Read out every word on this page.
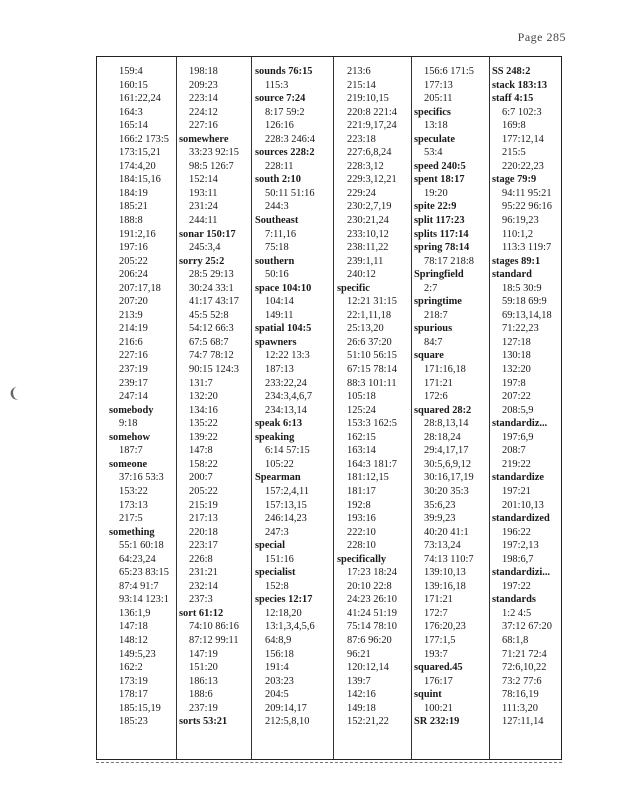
Page 285
159:4
160:15
161:22,24
164:3
165:14
166:2 173:5
173:15,21
174:4,20
184:15,16
184:19
185:21
188:8
191:2,16
197:16
205:22
206:24
207:17,18
207:20
213:9
214:19
216:6
227:16
237:19
239:17
247:14
somebody
9:18
somehow
187:7
someone
37:16 53:3
153:22
173:13
217:5
something
55:1 60:18
64:23,24
65:23 83:15
87:4 91:7
93:14 123:1
136:1,9
147:18
148:12
149:5,23
162:2
173:19
178:17
185:15,19
185:23
198:18
209:23
223:14
224:12
227:16
somewhere
33:23 92:15
98:5 126:7
152:14
193:11
231:24
244:11
sonar 150:17
245:3,4
sorry 25:2
28:5 29:13
30:24 33:1
41:17 43:17
45:5 52:8
54:12 66:3
67:5 68:7
74:7 78:12
90:15 124:3
131:7
132:20
134:16
135:22
139:22
147:8
158:22
200:7
205:22
215:19
217:13
220:18
223:17
226:8
231:21
232:14
237:3
sort 61:12
74:10 86:16
87:12 99:11
147:19
151:20
186:13
188:6
237:19
sorts 53:21
sounds 76:15
115:3
source 7:24
8:17 59:2
126:16
228:3 246:4
sources 228:2
228:11
south 2:10
50:11 51:16
244:3
Southeast
7:11,16
75:18
southern
50:16
space 104:10
104:14
149:11
spatial 104:5
spawners
12:22 13:3
187:13
233:22,24
234:3,4,6,7
234:13,14
speak 6:13
speaking
6:14 57:15
105:22
Spearman
157:2,4,11
157:13,15
246:14,23
247:3
special
151:16
specialist
152:8
species 12:17
12:18,20
13:1,3,4,5,6
64:8,9
156:18
191:4
203:23
204:5
209:14,17
212:5,8,10
213:6
215:14
219:10,15
220:8 221:4
221:9,17,24
223:18
227:6,8,24
228:3,12
229:3,12,21
229:24
230:2,7,19
230:21,24
233:10,12
238:11,22
239:1,11
240:12
specific
12:21 31:15
22:1,11,18
25:13,20
26:6 37:20
51:10 56:15
67:15 78:14
88:3 101:11
105:18
125:24
153:3 162:5
162:15
163:14
164:3 181:7
181:12,15
181:17
192:8
193:16
222:10
228:10
specifically
17:23 18:24
20:10 22:8
24:23 26:10
41:24 51:19
75:14 78:10
87:6 96:20
96:21
120:12,14
139:7
142:16
149:18
152:21,22
156:6 171:5
177:13
205:11
specifics
13:18
speculate
53:4
speed 240:5
spent 18:17
19:20
spite 22:9
split 117:23
splits 117:14
spring 78:14
78:17 218:8
Springfield
2:7
springtime
218:7
spurious
84:7
square
171:16,18
171:21
172:6
squared 28:2
28:8,13,14
28:18,24
29:4,17,17
30:5,6,9,12
30:16,17,19
30:20 35:3
35:6,23
39:9,23
40:20 41:1
73:13,24
74:13 110:7
139:10,13
139:16,18
171:21
172:7
176:20,23
177:1,5
193:7
squared.45
176:17
squint
100:21
SR 232:19
SS 248:2
stack 183:13
staff 4:15
6:7 102:3
169:8
177:12,14
215:5
220:22,23
stage 79:9
94:11 95:21
95:22 96:16
96:19,23
110:1,2
113:3 119:7
stages 89:1
standard
18:5 30:9
59:18 69:9
69:13,14,18
71:22,23
127:18
130:18
132:20
197:8
207:22
208:5,9
standardiz...
197:6,9
208:7
219:22
standardize
197:21
201:10,13
standardized
196:22
197:2,13
198:6,7
standardizi...
197:22
standards
1:2 4:5
37:12 67:20
68:1,8
71:21 72:4
72:6,10,22
73:2 77:6
78:16,19
111:3,20
127:11,14
❨
